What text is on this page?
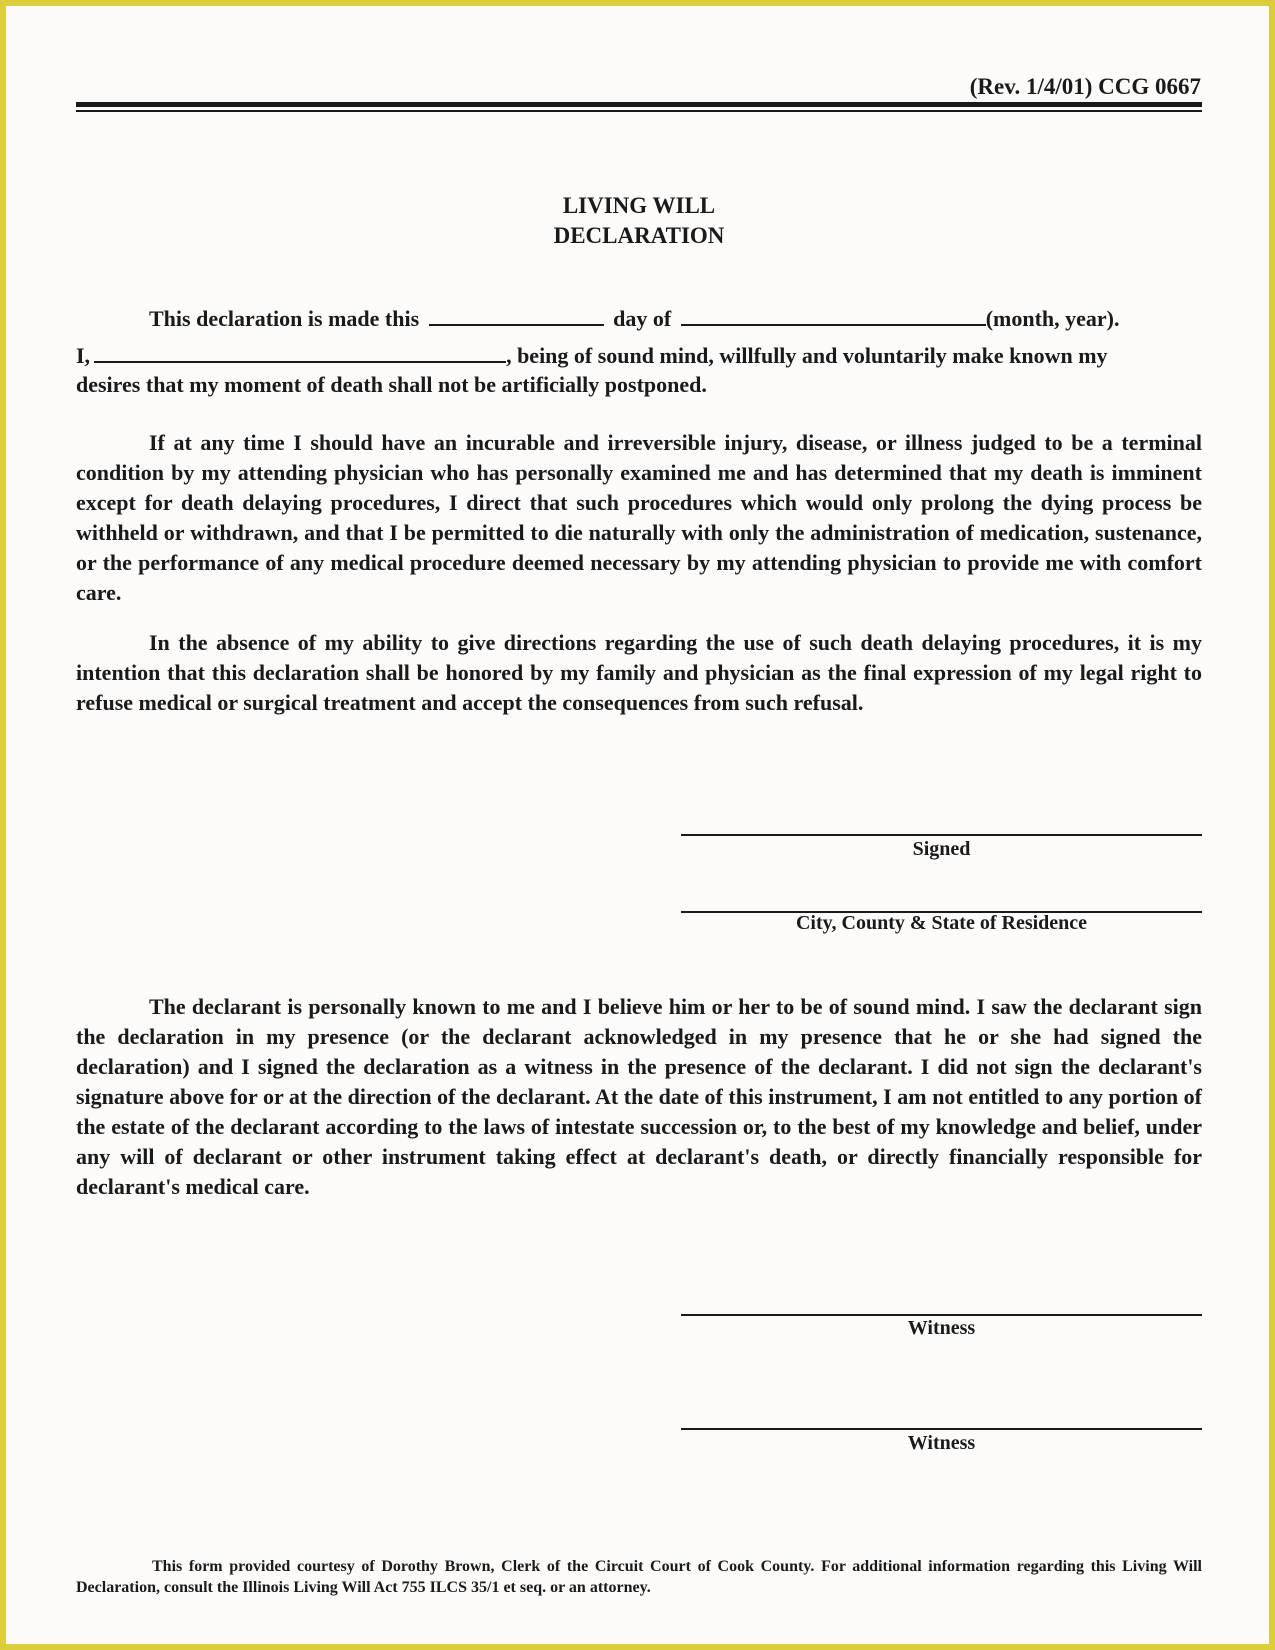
(Rev. 1/4/01) CCG 0667
LIVING WILL
DECLARATION
This declaration is made this	day of	(month, year).
I,	, being of sound mind, willfully and voluntarily make known my
desires that my moment of death shall not be artificially postponed.

If at any time I should have an incurable and irreversible injury, disease, or illness judged to be a terminal condition by my attending physician who has personally examined me and has determined that my death is imminent except for death delaying procedures, I direct that such procedures which would only prolong the dying process be withheld or withdrawn, and that I be permitted to die naturally with only the administration of medication, sustenance, or the performance of any medical procedure deemed necessary by my attending physician to provide me with comfort care.

In the absence of my ability to give directions regarding the use of such death delaying procedures, it is my intention that this declaration shall be honored by my family and physician as the final expression of my legal right to refuse medical or surgical treatment and accept the consequences from such refusal.

Signed
City, County & State of Residence

The declarant is personally known to me and I believe him or her to be of sound mind. I saw the declarant sign the declaration in my presence (or the declarant acknowledged in my presence that he or she had signed the declaration) and I signed the declaration as a witness in the presence of the declarant. I did not sign the declarant's signature above for or at the direction of the declarant. At the date of this instrument, I am not entitled to any portion of the estate of the declarant according to the laws of intestate succession or, to the best of my knowledge and belief, under any will of declarant or other instrument taking effect at declarant's death, or directly financially responsible for declarant's medical care.

Witness
Witness

This form provided courtesy of Dorothy Brown, Clerk of the Circuit Court of Cook County. For additional information regarding this Living Will Declaration, consult the Illinois Living Will Act 755 ILCS 35/1 et seq. or an attorney.
